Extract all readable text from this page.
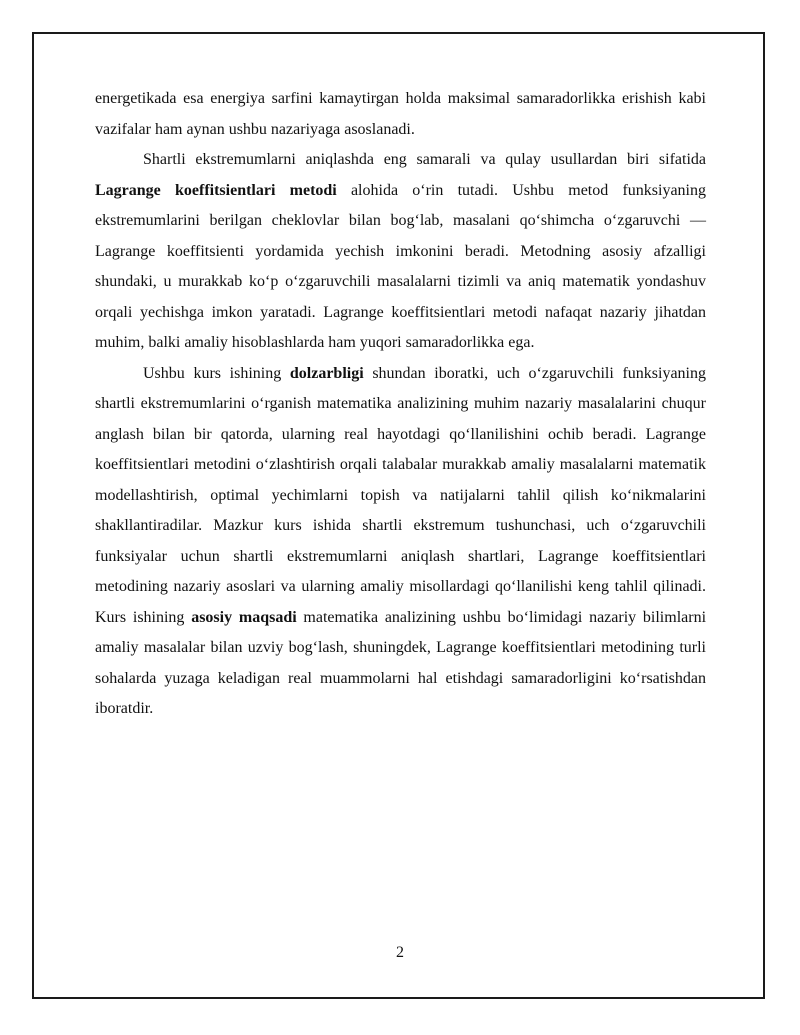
energetikada esa energiya sarfini kamaytirgan holda maksimal samaradorlikka erishish kabi vazifalar ham aynan ushbu nazariyaga asoslanadi.

Shartli ekstremumlarni aniqlashda eng samarali va qulay usullardan biri sifatida Lagrange koeffitsientlari metodi alohida o‘rin tutadi. Ushbu metod funksiyaning ekstremumlarini berilgan cheklovlar bilan bog‘lab, masalani qo‘shimcha o‘zgaruvchi — Lagrange koeffitsienti yordamida yechish imkonini beradi. Metodning asosiy afzalligi shundaki, u murakkab ko‘p o‘zgaruvchili masalalarni tizimli va aniq matematik yondashuv orqali yechishga imkon yaratadi. Lagrange koeffitsientlari metodi nafaqat nazariy jihatdan muhim, balki amaliy hisoblashlarda ham yuqori samaradorlikka ega.

Ushbu kurs ishining dolzarbligi shundan iboratki, uch o‘zgaruvchili funksiyaning shartli ekstremumlarini o‘rganish matematika analizining muhim nazariy masalalarini chuqur anglash bilan bir qatorda, ularning real hayotdagi qo‘llanilishini ochib beradi. Lagrange koeffitsientlari metodini o‘zlashtirish orqali talabalar murakkab amaliy masalalarni matematik modellashtirish, optimal yechimlarni topish va natijalarni tahlil qilish ko‘nikmalarini shakllantiradilar. Mazkur kurs ishida shartli ekstremum tushunchasi, uch o‘zgaruvchili funksiyalar uchun shartli ekstremumlarni aniqlash shartlari, Lagrange koeffitsientlari metodining nazariy asoslari va ularning amaliy misollardagi qo‘llanilishi keng tahlil qilinadi. Kurs ishining asosiy maqsadi matematika analizining ushbu bo‘limidagi nazariy bilimlarni amaliy masalalar bilan uzviy bog‘lash, shuningdek, Lagrange koeffitsientlari metodining turli sohalarda yuzaga keladigan real muammolarni hal etishdagi samaradorligini ko‘rsatishdan iboratdir.

2
